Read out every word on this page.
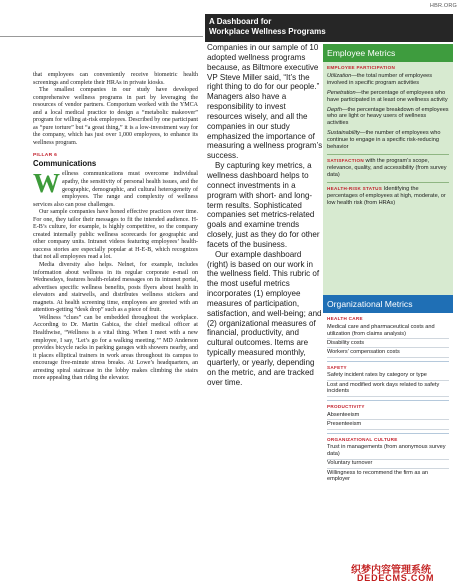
HBR.ORG

that employees can conveniently receive biometric health screenings and complete their HRAs in private kiosks.

The smallest companies in our study have developed comprehensive wellness programs in part by leveraging the resources of vendor partners. Comporium worked with the YMCA and a local medical practice to design a “metabolic makeover” program for willing at-risk employees. Described by one participant as “pure torture” but “a great thing,” it is a low-investment way for the company, which has just over 1,000 employees, to enhance its wellness program.

PILLAR 6
Communications

Wellness communications must overcome individual apathy, the sensitivity of personal health issues, and the geographic, demographic, and cultural heterogeneity of employees. The range and complexity of wellness services also can pose challenges.

Our sample companies have honed effective practices over time. For one, they tailor their messages to fit the intended audience. H-E-B’s culture, for example, is highly competitive, so the company created internally public wellness scorecards for geographic and other company units. Intranet videos featuring employees’ health-success stories are especially popular at H-E-B, which recognizes that not all employees read a lot.

Media diversity also helps. Nelnet, for example, includes information about wellness in its regular corporate e-mail on Wednesdays, features health-related messages on its intranet portal, advertises specific wellness benefits, posts flyers about health in elevators and stairwells, and distributes wellness stickers and magnets. At health screening time, employees are greeted with an attention-getting “desk drop” such as a piece of fruit.

Wellness “clues” can be embedded throughout the workplace. According to Dr. Martin Gabica, the chief medical officer at Healthwise, “Wellness is a vital thing. When I meet with a new employee, I say, ‘Let’s go for a walking meeting.’” MD Anderson provides bicycle racks in parking garages with showers nearby, and it places elliptical trainers in work areas throughout its campus to encourage five-minute stress breaks. At Lowe’s headquarters, an arresting spiral staircase in the lobby makes climbing the stairs more appealing than riding the elevator.

A Dashboard for
Workplace Wellness Programs

Companies in our sample of 10 adopted wellness programs because, as Biltmore executive VP Steve Miller said, “It’s the right thing to do for our people.” Managers also have a responsibility to invest resources wisely, and all the companies in our study emphasized the importance of measuring a wellness program’s success.

By capturing key metrics, a wellness dashboard helps to connect investments in a program with short- and long-term results. Sophisticated companies set metrics-related goals and examine trends closely, just as they do for other facets of the business.

Our example dashboard (right) is based on our work in the wellness field. This rubric of the most useful metrics incorporates (1) employee measures of participation, satisfaction, and well-being; and (2) organizational measures of financial, productivity, and cultural outcomes. Items are typically measured monthly, quarterly, or yearly, depending on the metric, and are tracked over time.

Employee Metrics
EMPLOYEE PARTICIPATION
Utilization—the total number of employees involved in specific program activities
Penetration—the percentage of employees who have participated in at least one wellness activity
Depth—the percentage breakdown of employees who are light or heavy users of wellness activities
Sustainability—the number of employees who continue to engage in a specific risk-reducing behavior
SATISFACTION with the program’s scope, relevance, quality, and accessibility (from survey data)
HEALTH-RISK STATUS Identifying the percentages of employees at high, moderate, or low health risk (from HRAs)
Organizational Metrics
HEALTH CARE
Medical care and pharmaceutical costs and utilization (from claims analysis)
Disability costs
Workers’ compensation costs
SAFETY
Safety incident rates by category or type
Lost and modified work days related to safety incidents
PRODUCTIVITY
Absenteeism
Presenteeism
ORGANIZATIONAL CULTURE
Trust in managements (from anonymous survey data)
Voluntary turnover
Willingness to recommend the firm as an employer
织梦内容管理系统
DEDECMS.COM
